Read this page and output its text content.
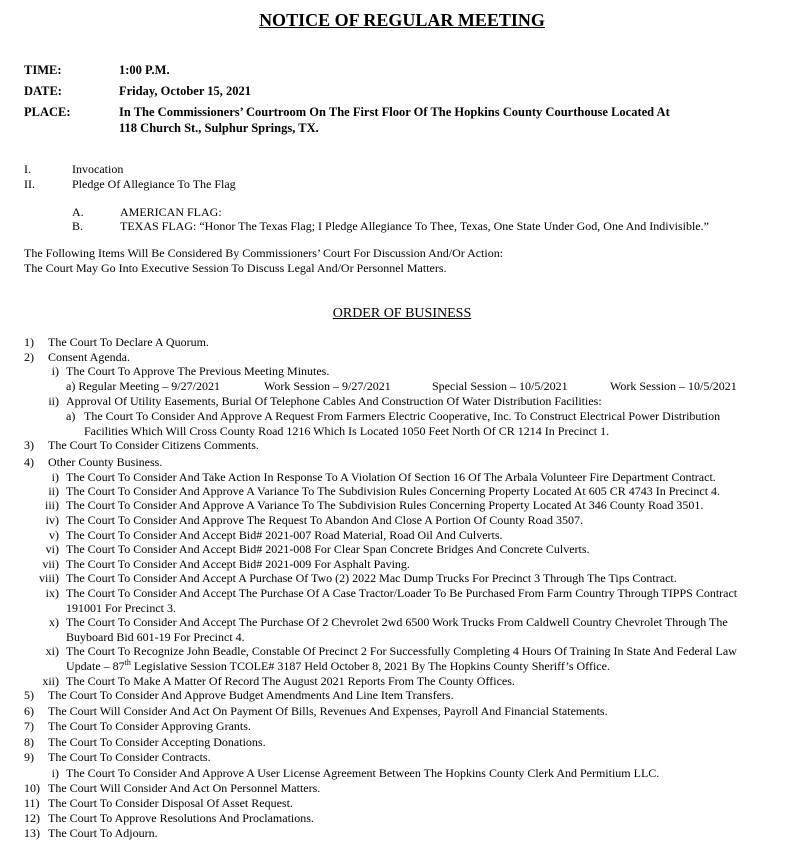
NOTICE OF REGULAR MEETING
TIME:	1:00 P.M.
DATE:	Friday, October 15, 2021
PLACE:	In The Commissioners’ Courtroom On The First Floor Of The Hopkins County Courthouse Located At
118 Church St., Sulphur Springs, TX.
I.	Invocation
II.	Pledge Of Allegiance To The Flag
A.	AMERICAN FLAG:
B.	TEXAS FLAG: “Honor The Texas Flag; I Pledge Allegiance To Thee, Texas, One State Under God, One And Indivisible.”
The Following Items Will Be Considered By Commissioners’ Court For Discussion And/Or Action:
The Court May Go Into Executive Session To Discuss Legal And/Or Personnel Matters.
ORDER OF BUSINESS
1) The Court To Declare A Quorum.
2) Consent Agenda.
i) The Court To Approve The Previous Meeting Minutes.
a) Regular Meeting – 9/27/2021	Work Session – 9/27/2021	Special Session – 10/5/2021	Work Session – 10/5/2021
ii) Approval Of Utility Easements, Burial Of Telephone Cables And Construction Of Water Distribution Facilities:
a) The Court To Consider And Approve A Request From Farmers Electric Cooperative, Inc. To Construct Electrical Power Distribution
Facilities Which Will Cross County Road 1216 Which Is Located 1050 Feet North Of CR 1214 In Precinct 1.
3) The Court To Consider Citizens Comments.
4) Other County Business.
i) The Court To Consider And Take Action In Response To A Violation Of Section 16 Of The Arbala Volunteer Fire Department Contract.
ii) The Court To Consider And Approve A Variance To The Subdivision Rules Concerning Property Located At 605 CR 4743 In Precinct 4.
iii) The Court To Consider And Approve A Variance To The Subdivision Rules Concerning Property Located At 346 County Road 3501.
iv) The Court To Consider And Approve The Request To Abandon And Close A Portion Of County Road 3507.
v) The Court To Consider And Accept Bid# 2021-007 Road Material, Road Oil And Culverts.
vi) The Court To Consider And Accept Bid# 2021-008 For Clear Span Concrete Bridges And Concrete Culverts.
vii) The Court To Consider And Accept Bid# 2021-009 For Asphalt Paving.
viii) The Court To Consider And Accept A Purchase Of Two (2) 2022 Mac Dump Trucks For Precinct 3 Through The Tips Contract.
ix) The Court To Consider And Accept The Purchase Of A Case Tractor/Loader To Be Purchased From Farm Country Through TIPPS Contract
191001 For Precinct 3.
x) The Court To Consider And Accept The Purchase Of 2 Chevrolet 2wd 6500 Work Trucks From Caldwell Country Chevrolet Through The
Buyboard Bid 601-19 For Precinct 4.
xi) The Court To Recognize John Beadle, Constable Of Precinct 2 For Successfully Completing 4 Hours Of Training In State And Federal Law
Update – 87th Legislative Session TCOLE# 3187 Held October 8, 2021 By The Hopkins County Sheriff’s Office.
xii) The Court To Make A Matter Of Record The August 2021 Reports From The County Offices.
5) The Court To Consider And Approve Budget Amendments And Line Item Transfers.
6) The Court Will Consider And Act On Payment Of Bills, Revenues And Expenses, Payroll And Financial Statements.
7) The Court To Consider Approving Grants.
8) The Court To Consider Accepting Donations.
9) The Court To Consider Contracts.
i) The Court To Consider And Approve A User License Agreement Between The Hopkins County Clerk And Permitium LLC.
10) The Court Will Consider And Act On Personnel Matters.
11) The Court To Consider Disposal Of Asset Request.
12) The Court To Approve Resolutions And Proclamations.
13) The Court To Adjourn.
